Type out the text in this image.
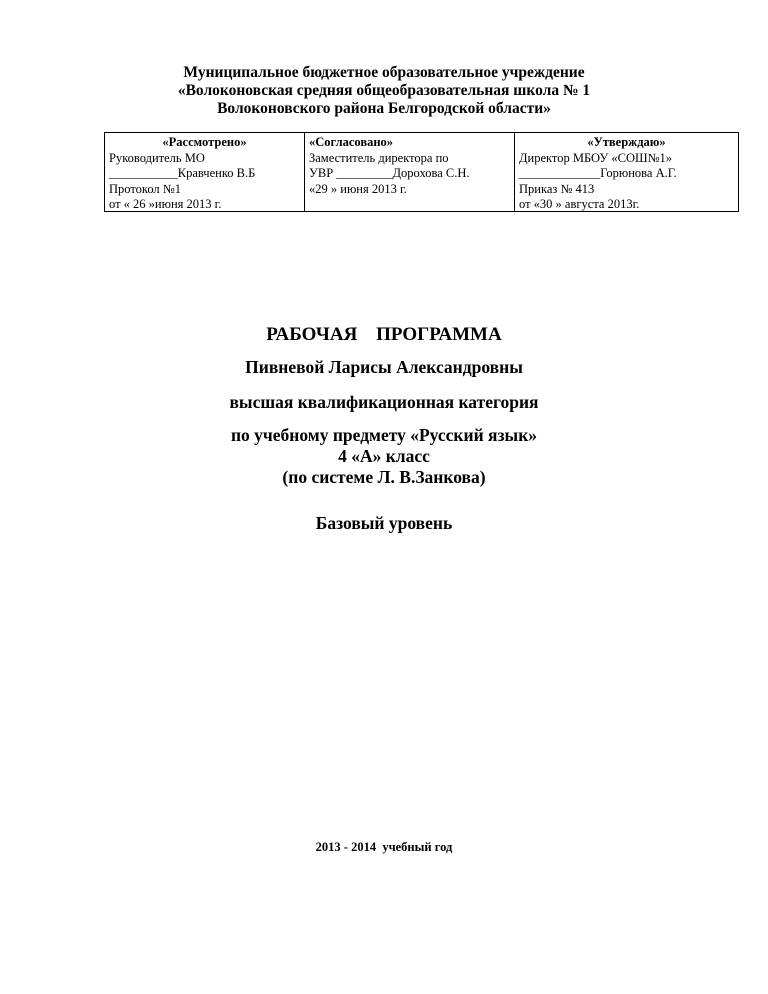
Муниципальное бюджетное образовательное учреждение
«Волоконовская средняя общеобразовательная школа № 1
Волоконовского района Белгородской области»
«Рассмотрено»
Руководитель МО
___________Кравченко В.Б
Протокол №1
от « 26 »июня 2013 г.
«Согласовано»
Заместитель директора по
УВР _________Дорохова С.Н.
«29 » июня 2013 г.
«Утверждаю»
Директор МБОУ «СОШ№1»
_____________Горюнова А.Г.
Приказ № 413
от «30 » августа 2013г.
РАБОЧАЯ ПРОГРАММА
Пивневой Ларисы Александровны
высшая квалификационная категория
по учебному предмету «Русский язык»
4 «А» класс
(по системе Л. В.Занкова)
Базовый уровень
2013 - 2014  учебный год
